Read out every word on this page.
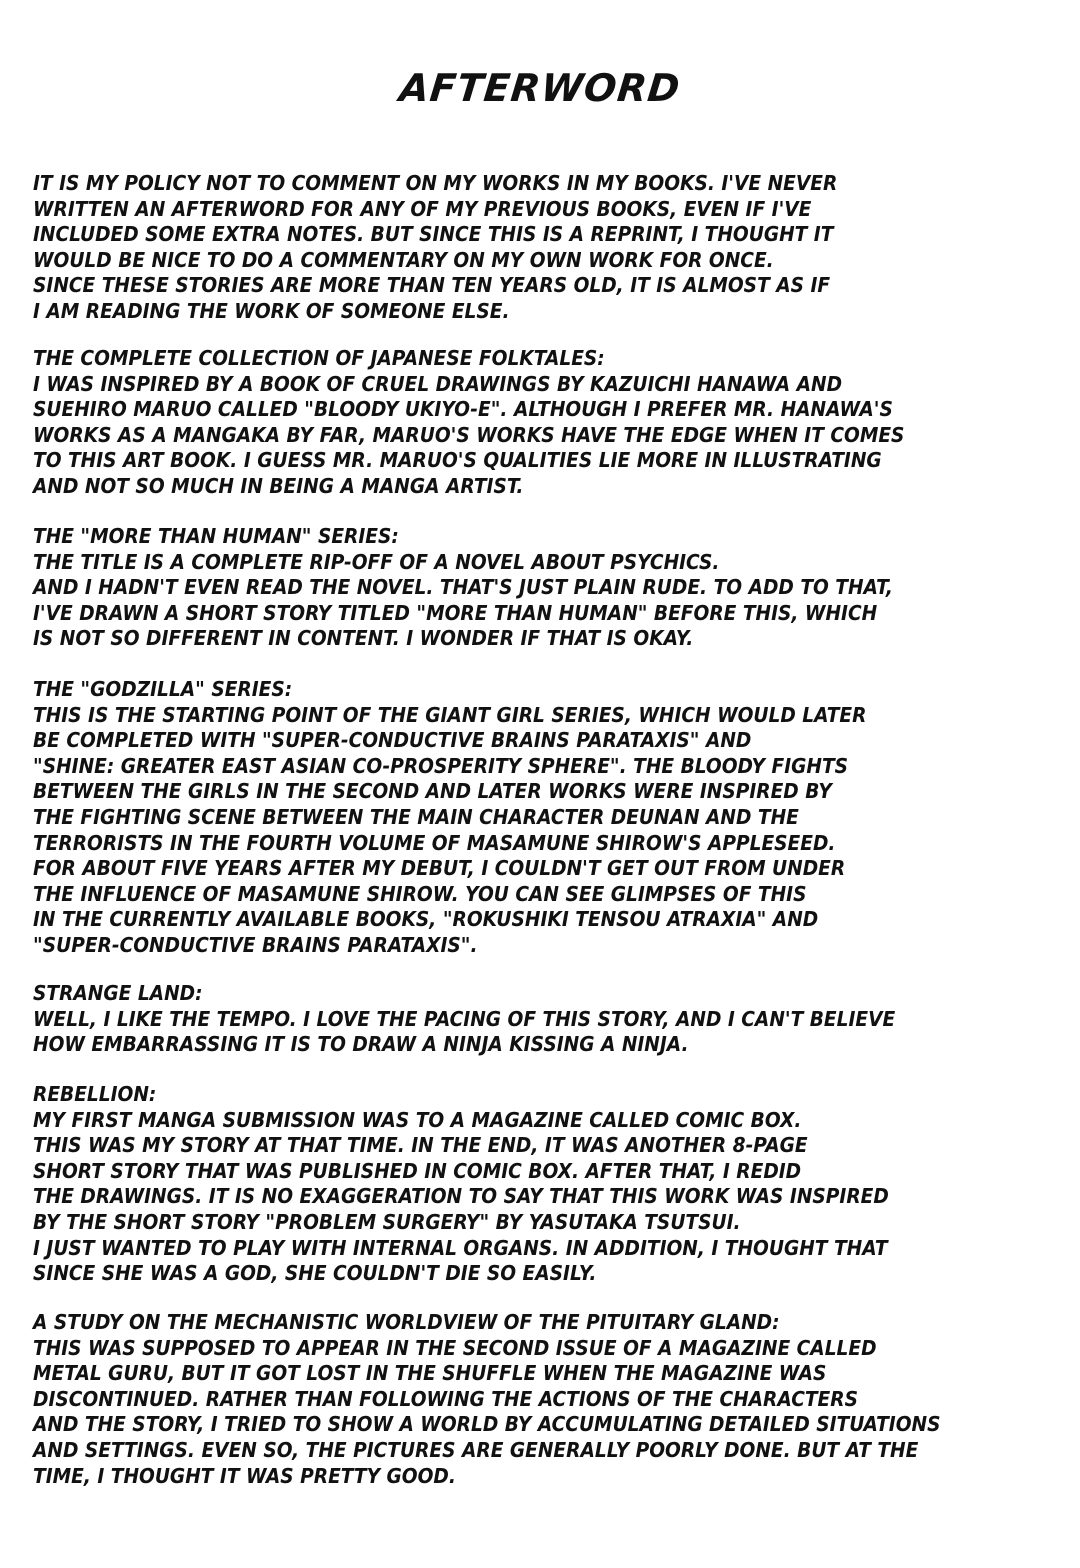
AFTERWORD
IT IS MY POLICY NOT TO COMMENT ON MY WORKS IN MY BOOKS. I'VE NEVER
WRITTEN AN AFTERWORD FOR ANY OF MY PREVIOUS BOOKS, EVEN IF I'VE
INCLUDED SOME EXTRA NOTES. BUT SINCE THIS IS A REPRINT, I THOUGHT IT
WOULD BE NICE TO DO A COMMENTARY ON MY OWN WORK FOR ONCE.
SINCE THESE STORIES ARE MORE THAN TEN YEARS OLD, IT IS ALMOST AS IF
I AM READING THE WORK OF SOMEONE ELSE.
THE COMPLETE COLLECTION OF JAPANESE FOLKTALES:
I WAS INSPIRED BY A BOOK OF CRUEL DRAWINGS BY KAZUICHI HANAWA AND
SUEHIRO MARUO CALLED "BLOODY UKIYO-E". ALTHOUGH I PREFER MR. HANAWA'S
WORKS AS A MANGAKA BY FAR, MARUO'S WORKS HAVE THE EDGE WHEN IT COMES
TO THIS ART BOOK. I GUESS MR. MARUO'S QUALITIES LIE MORE IN ILLUSTRATING
AND NOT SO MUCH IN BEING A MANGA ARTIST.
THE "MORE THAN HUMAN" SERIES:
THE TITLE IS A COMPLETE RIP-OFF OF A NOVEL ABOUT PSYCHICS.
AND I HADN'T EVEN READ THE NOVEL. THAT'S JUST PLAIN RUDE. TO ADD TO THAT,
I'VE DRAWN A SHORT STORY TITLED "MORE THAN HUMAN" BEFORE THIS, WHICH
IS NOT SO DIFFERENT IN CONTENT. I WONDER IF THAT IS OKAY.
THE "GODZILLA" SERIES:
THIS IS THE STARTING POINT OF THE GIANT GIRL SERIES, WHICH WOULD LATER
BE COMPLETED WITH "SUPER-CONDUCTIVE BRAINS PARATAXIS" AND
"SHINE: GREATER EAST ASIAN CO-PROSPERITY SPHERE". THE BLOODY FIGHTS
BETWEEN THE GIRLS IN THE SECOND AND LATER WORKS WERE INSPIRED BY
THE FIGHTING SCENE BETWEEN THE MAIN CHARACTER DEUNAN AND THE
TERRORISTS IN THE FOURTH VOLUME OF MASAMUNE SHIROW'S APPLESEED.
FOR ABOUT FIVE YEARS AFTER MY DEBUT, I COULDN'T GET OUT FROM UNDER
THE INFLUENCE OF MASAMUNE SHIROW. YOU CAN SEE GLIMPSES OF THIS
IN THE CURRENTLY AVAILABLE BOOKS, "ROKUSHIKI TENSOU ATRAXIA" AND
"SUPER-CONDUCTIVE BRAINS PARATAXIS".
STRANGE LAND:
WELL, I LIKE THE TEMPO. I LOVE THE PACING OF THIS STORY, AND I CAN'T BELIEVE
HOW EMBARRASSING IT IS TO DRAW A NINJA KISSING A NINJA.
REBELLION:
MY FIRST MANGA SUBMISSION WAS TO A MAGAZINE CALLED COMIC BOX.
THIS WAS MY STORY AT THAT TIME. IN THE END, IT WAS ANOTHER 8-PAGE
SHORT STORY THAT WAS PUBLISHED IN COMIC BOX. AFTER THAT, I REDID
THE DRAWINGS. IT IS NO EXAGGERATION TO SAY THAT THIS WORK WAS INSPIRED
BY THE SHORT STORY "PROBLEM SURGERY" BY YASUTAKA TSUTSUI.
I JUST WANTED TO PLAY WITH INTERNAL ORGANS. IN ADDITION, I THOUGHT THAT
SINCE SHE WAS A GOD, SHE COULDN'T DIE SO EASILY.
A STUDY ON THE MECHANISTIC WORLDVIEW OF THE PITUITARY GLAND:
THIS WAS SUPPOSED TO APPEAR IN THE SECOND ISSUE OF A MAGAZINE CALLED
METAL GURU, BUT IT GOT LOST IN THE SHUFFLE WHEN THE MAGAZINE WAS
DISCONTINUED. RATHER THAN FOLLOWING THE ACTIONS OF THE CHARACTERS
AND THE STORY, I TRIED TO SHOW A WORLD BY ACCUMULATING DETAILED SITUATIONS
AND SETTINGS. EVEN SO, THE PICTURES ARE GENERALLY POORLY DONE. BUT AT THE
TIME, I THOUGHT IT WAS PRETTY GOOD.
